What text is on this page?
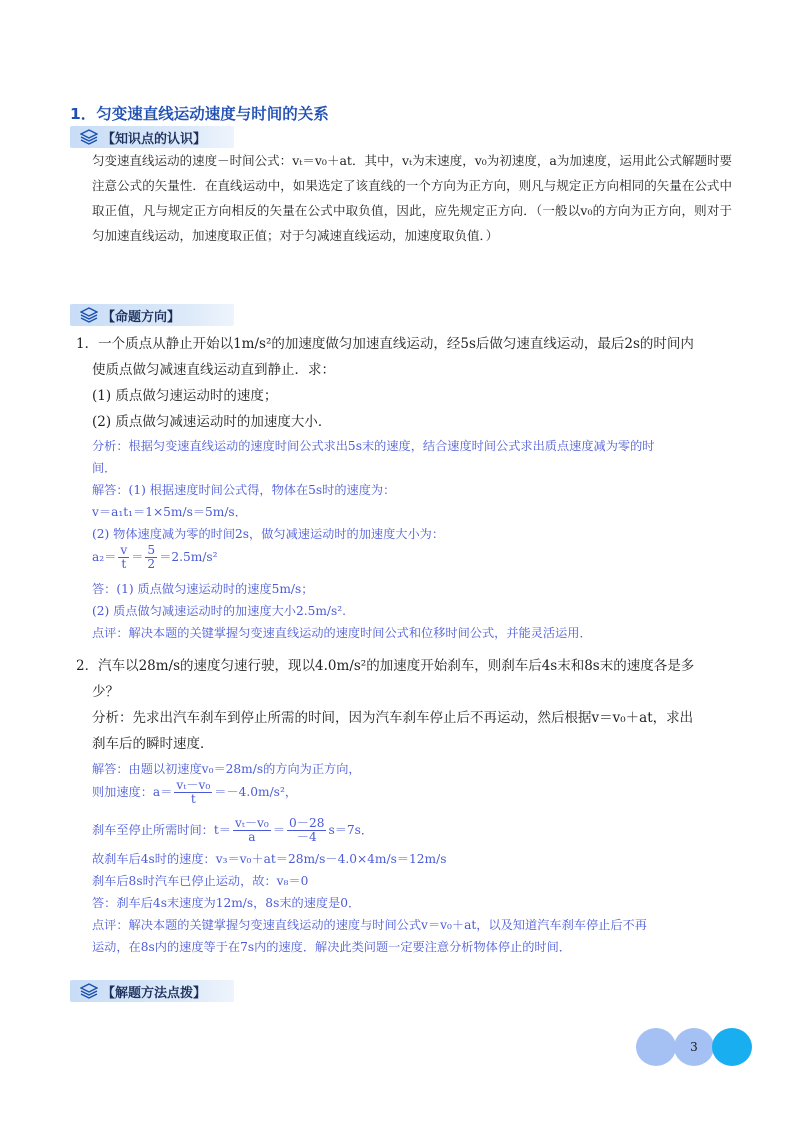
1．匀变速直线运动速度与时间的关系
【知识点的认识】
匀变速直线运动的速度－时间公式：vₜ＝v₀＋at．其中，vₜ为末速度，v₀为初速度，a为加速度，运用此公式解题时要注意公式的矢量性．在直线运动中，如果选定了该直线的一个方向为正方向，则凡与规定正方向相同的矢量在公式中取正值，凡与规定正方向相反的矢量在公式中取负值，因此，应先规定正方向．（一般以v₀的方向为正方向，则对于匀加速直线运动，加速度取正值；对于匀减速直线运动，加速度取负值．）
【命题方向】
1．一个质点从静止开始以1m/s²的加速度做匀加速直线运动，经5s后做匀速直线运动，最后2s的时间内
使质点做匀减速直线运动直到静止．求：
(1) 质点做匀速运动时的速度；
(2) 质点做匀减速运动时的加速度大小．
分析：根据匀变速直线运动的速度时间公式求出5s末的速度，结合速度时间公式求出质点速度减为零的时
间．
解答：(1) 根据速度时间公式得，物体在5s时的速度为：
v＝a₁t₁＝1×5m/s＝5m/s．
(2) 物体速度减为零的时间2s，做匀减速运动时的加速度大小为：
$a_2= \frac{v}{t} = \frac{5}{2} =2.5m/s^2$
答：(1) 质点做匀速运动时的速度5m/s；
(2) 质点做匀减速运动时的加速度大小2.5m/s².
点评：解决本题的关键掌握匀变速直线运动的速度时间公式和位移时间公式，并能灵活运用．
2．汽车以28m/s的速度匀速行驶，现以4.0m/s²的加速度开始刹车，则刹车后4s末和8s末的速度各是多
少？
分析：先求出汽车刹车到停止所需的时间，因为汽车刹车停止后不再运动，然后根据v＝v₀＋at，求出
刹车后的瞬时速度．
解答：由题以初速度v₀＝28m/s的方向为正方向，
则加速度：$a= \frac{\text{vₜ－v₀}}{t} =-4.0m/s^2$，
刹车至停止所需时间：$t= \frac{\text{vₜ－v₀}}{a} = \frac{0-28}{-4} s=7s$．
故刹车后4s时的速度：v₃＝v₀＋at＝28m/s－4.0×4m/s＝12m/s
刹车后8s时汽车已停止运动，故：v₈＝0
答：刹车后4s末速度为12m/s，8s末的速度是0．
点评：解决本题的关键掌握匀变速直线运动的速度与时间公式v＝v₀＋at，以及知道汽车刹车停止后不再
运动，在8s内的速度等于在7s内的速度．解决此类问题一定要注意分析物体停止的时间．
【解题方法点拨】
3
